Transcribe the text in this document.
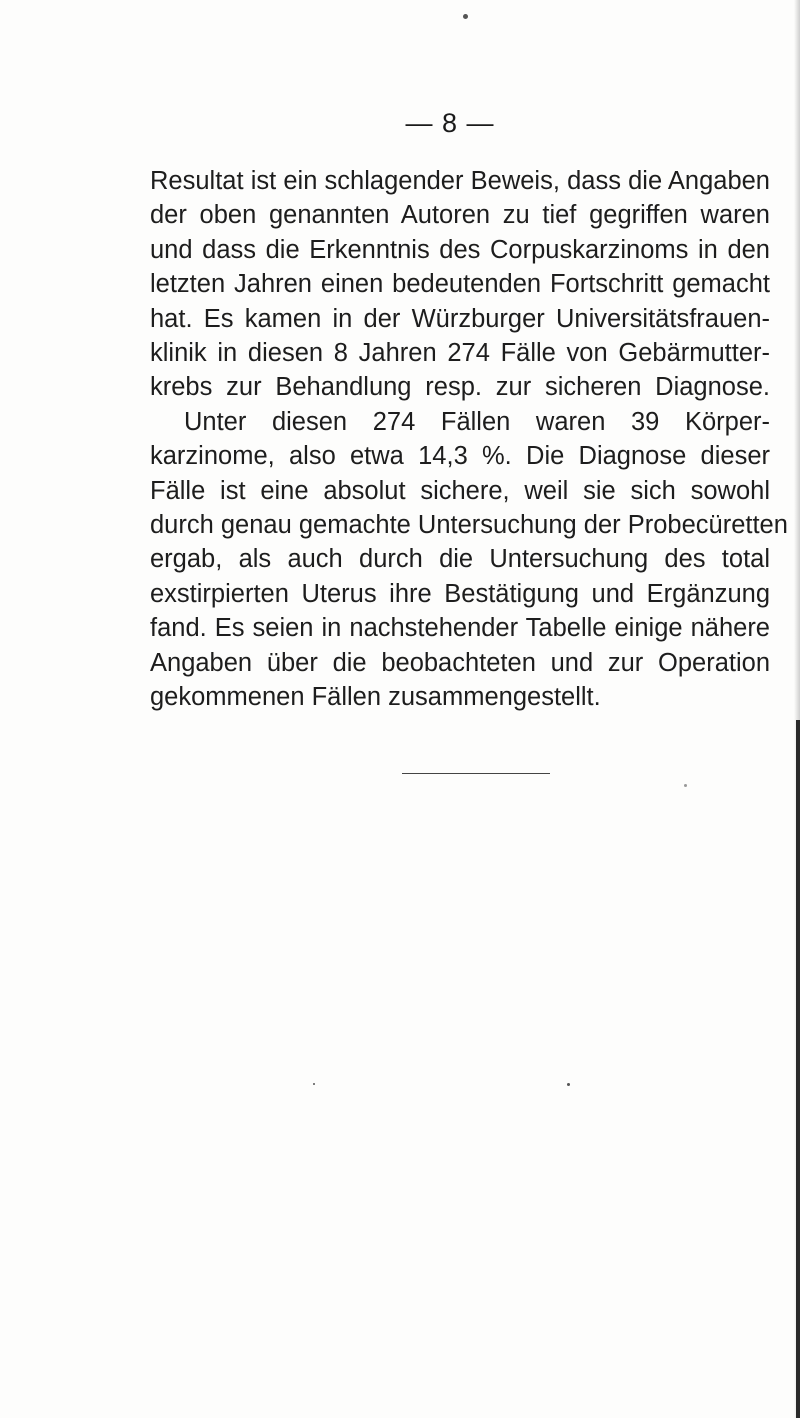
— 8 —
Resultat ist ein schlagender Beweis, dass die Angaben
der oben genannten Autoren zu tief gegriffen waren
und dass die Erkenntnis des Corpuskarzinoms in den
letzten Jahren einen bedeutenden Fortschritt gemacht
hat. Es kamen in der Würzburger Universitätsfrauen-
klinik in diesen 8 Jahren 274 Fälle von Gebärmutter-
krebs zur Behandlung resp. zur sicheren Diagnose.
Unter diesen 274 Fällen waren 39 Körper-
karzinome, also etwa 14,3 %. Die Diagnose dieser
Fälle ist eine absolut sichere, weil sie sich sowohl
durch genau gemachte Untersuchung der Probecüretten
ergab, als auch durch die Untersuchung des total
exstirpierten Uterus ihre Bestätigung und Ergänzung
fand. Es seien in nachstehender Tabelle einige nähere
Angaben über die beobachteten und zur Operation
gekommenen Fällen zusammengestellt.
